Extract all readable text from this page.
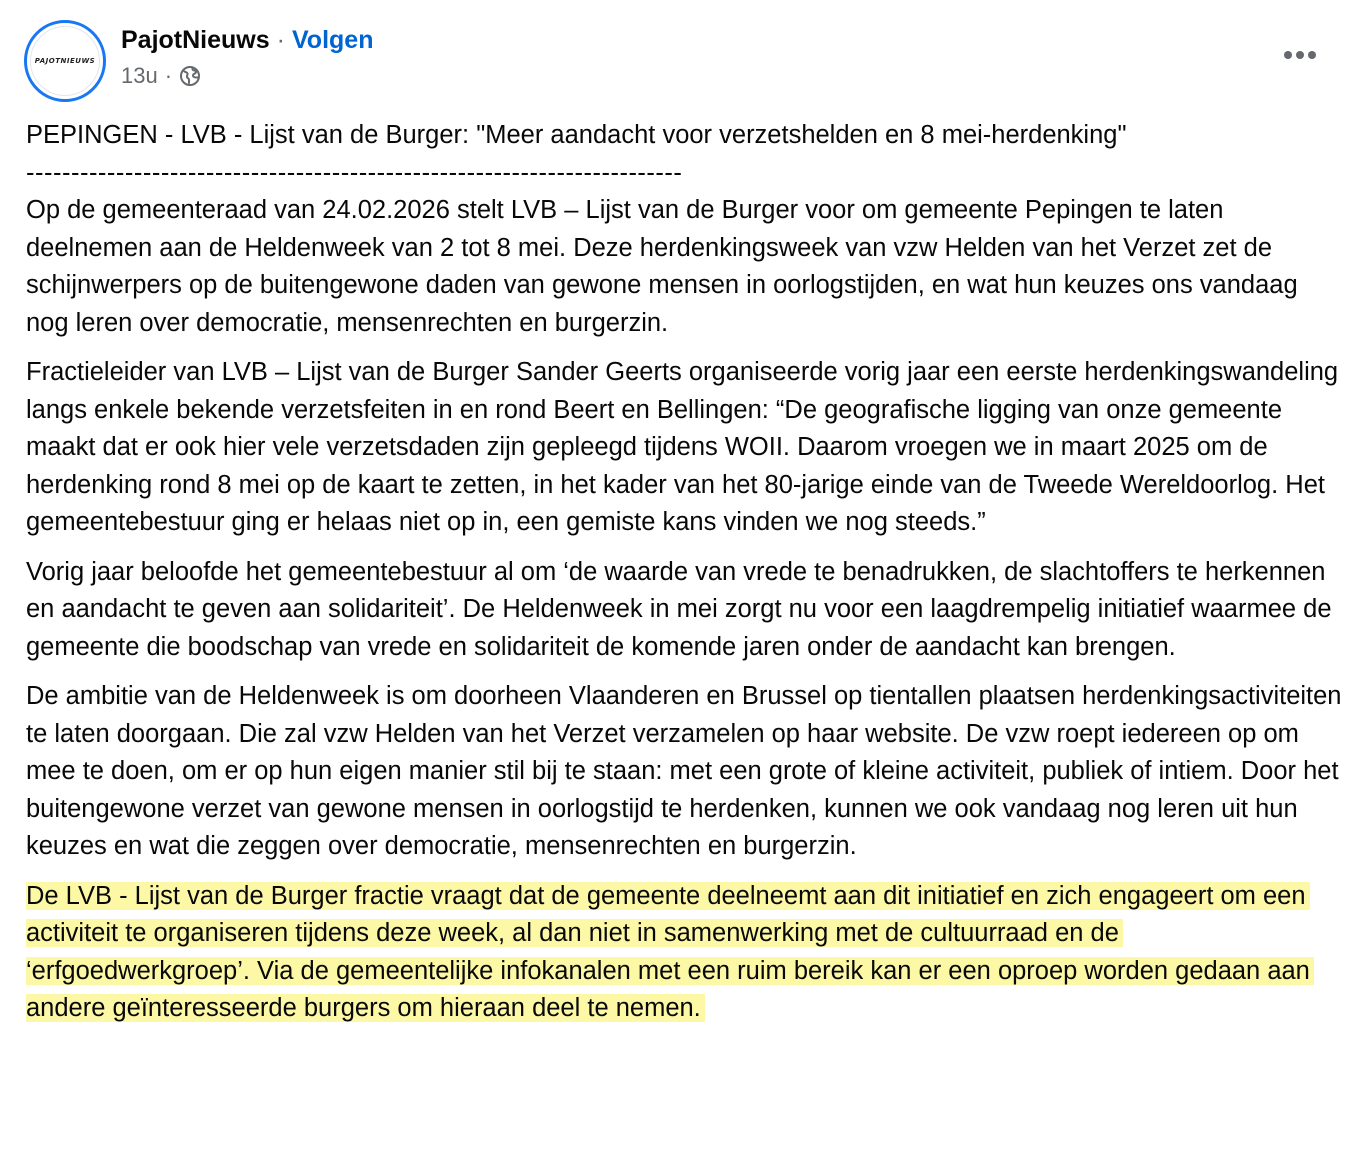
PAJOTNIEUWS
PajotNieuws · Volgen
13u ·
PEPINGEN - LVB - Lijst van de Burger: "Meer aandacht voor verzetshelden en 8 mei-herdenking"
-------------------------------------------------------------------------

Op de gemeenteraad van 24.02.2026 stelt LVB – Lijst van de Burger voor om gemeente Pepingen te laten deelnemen aan de Heldenweek van 2 tot 8 mei. Deze herdenkingsweek van vzw Helden van het Verzet zet de schijnwerpers op de buitengewone daden van gewone mensen in oorlogstijden, en wat hun keuzes ons vandaag nog leren over democratie, mensenrechten en burgerzin.

Fractieleider van LVB – Lijst van de Burger Sander Geerts organiseerde vorig jaar een eerste herdenkingswandeling langs enkele bekende verzetsfeiten in en rond Beert en Bellingen: “De geografische ligging van onze gemeente maakt dat er ook hier vele verzetsdaden zijn gepleegd tijdens WOII. Daarom vroegen we in maart 2025 om de herdenking rond 8 mei op de kaart te zetten, in het kader van het 80-jarige einde van de Tweede Wereldoorlog. Het gemeentebestuur ging er helaas niet op in, een gemiste kans vinden we nog steeds.”

Vorig jaar beloofde het gemeentebestuur al om ‘de waarde van vrede te benadrukken, de slachtoffers te herkennen en aandacht te geven aan solidariteit’. De Heldenweek in mei zorgt nu voor een laagdrempelig initiatief waarmee de gemeente die boodschap van vrede en solidariteit de komende jaren onder de aandacht kan brengen.

De ambitie van de Heldenweek is om doorheen Vlaanderen en Brussel op tientallen plaatsen herdenkingsactiviteiten te laten doorgaan. Die zal vzw Helden van het Verzet verzamelen op haar website. De vzw roept iedereen op om mee te doen, om er op hun eigen manier stil bij te staan: met een grote of kleine activiteit, publiek of intiem. Door het buitengewone verzet van gewone mensen in oorlogstijd te herdenken, kunnen we ook vandaag nog leren uit hun keuzes en wat die zeggen over democratie, mensenrechten en burgerzin.

De LVB - Lijst van de Burger fractie vraagt dat de gemeente deelneemt aan dit initiatief en zich engageert om een activiteit te organiseren tijdens deze week, al dan niet in samenwerking met de cultuurraad en de ‘erfgoedwerkgroep’. Via de gemeentelijke infokanalen met een ruim bereik kan er een oproep worden gedaan aan andere geïnteresseerde burgers om hieraan deel te nemen.
